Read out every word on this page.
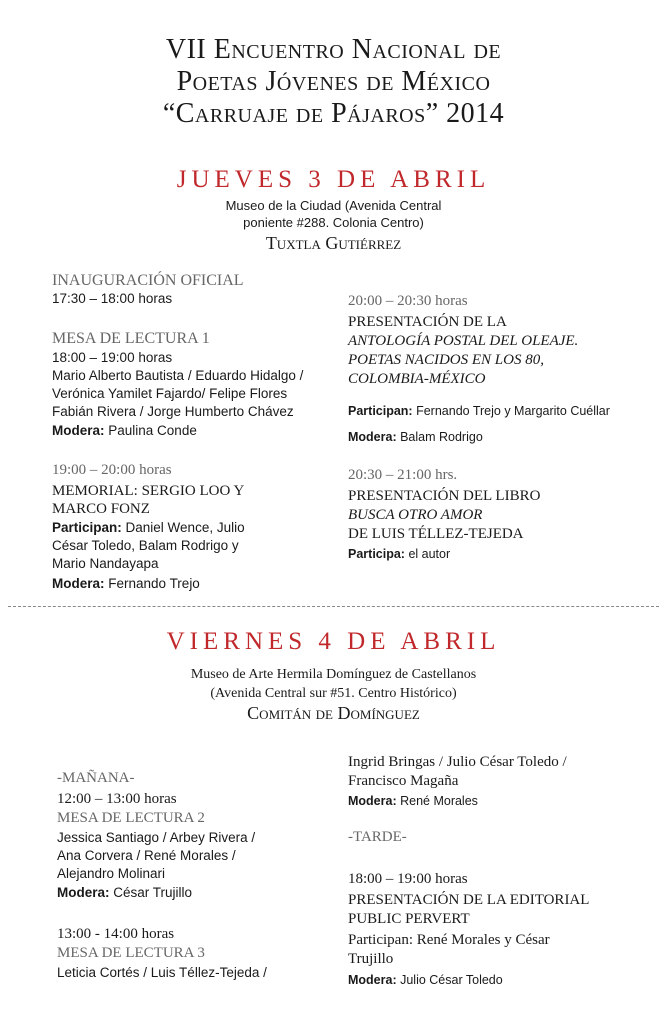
VII Encuentro Nacional de
Poetas Jóvenes de México
“Carruaje de Pájaros” 2014
JUEVES 3 DE ABRIL
Museo de la Ciudad (Avenida Central
poniente #288. Colonia Centro)
Tuxtla Gutiérrez
INAUGURACIÓN OFICIAL
17:30 – 18:00 horas
MESA DE LECTURA 1
18:00 – 19:00 horas
Mario Alberto Bautista / Eduardo Hidalgo /
Verónica Yamilet Fajardo/ Felipe Flores
Fabián Rivera / Jorge Humberto Chávez
Modera: Paulina Conde
19:00 – 20:00 horas
MEMORIAL: SERGIO LOO Y
MARCO FONZ
Participan: Daniel Wence, Julio
César Toledo, Balam Rodrigo y
Mario Nandayapa
Modera: Fernando Trejo
20:00 – 20:30 horas
PRESENTACIÓN DE LA
ANTOLOGÍA POSTAL DEL OLEAJE.
POETAS NACIDOS EN LOS 80,
COLOMBIA-MÉXICO
Participan: Fernando Trejo y Margarito Cuéllar
Modera: Balam Rodrigo
20:30 – 21:00 hrs.
PRESENTACIÓN DEL LIBRO
BUSCA OTRO AMOR
DE LUIS TÉLLEZ-TEJEDA
Participa: el autor
VIERNES 4 DE ABRIL
Museo de Arte Hermila Domínguez de Castellanos
(Avenida Central sur #51. Centro Histórico)
Comitán de Domínguez
-MAÑANA-
12:00 – 13:00 horas
MESA DE LECTURA 2
Jessica Santiago / Arbey Rivera /
Ana Corvera / René Morales /
Alejandro Molinari
Modera: César Trujillo
13:00 - 14:00 horas
MESA DE LECTURA 3
Leticia Cortés / Luis Téllez-Tejeda /
Ingrid Bringas / Julio César Toledo /
Francisco Magaña
Modera: René Morales
-TARDE-
18:00 – 19:00 horas
PRESENTACIÓN DE LA EDITORIAL
PUBLIC PERVERT
Participan: René Morales y César
Trujillo
Modera: Julio César Toledo
